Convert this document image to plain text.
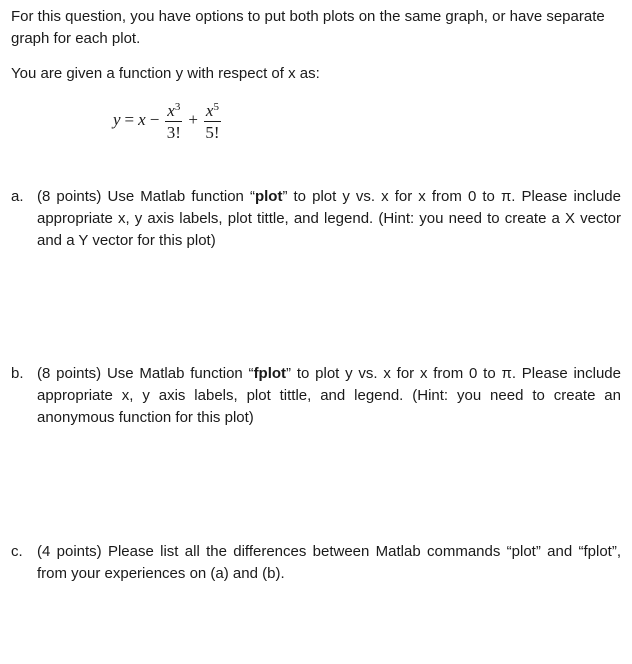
For this question, you have options to put both plots on the same graph, or have separate graph for each plot.

You are given a function y with respect of x as:

$y = x - \frac{x^3}{3!} + \frac{x^5}{5!}$
a. (8 points) Use Matlab function “plot” to plot y vs. x for x from 0 to π. Please include appropriate x, y axis labels, plot tittle, and legend. (Hint: you need to create a X vector and a Y vector for this plot)
b. (8 points) Use Matlab function “fplot” to plot y vs. x for x from 0 to π. Please include appropriate x, y axis labels, plot tittle, and legend. (Hint: you need to create an anonymous function for this plot)
c. (4 points) Please list all the differences between Matlab commands “plot” and “fplot”, from your experiences on (a) and (b).
